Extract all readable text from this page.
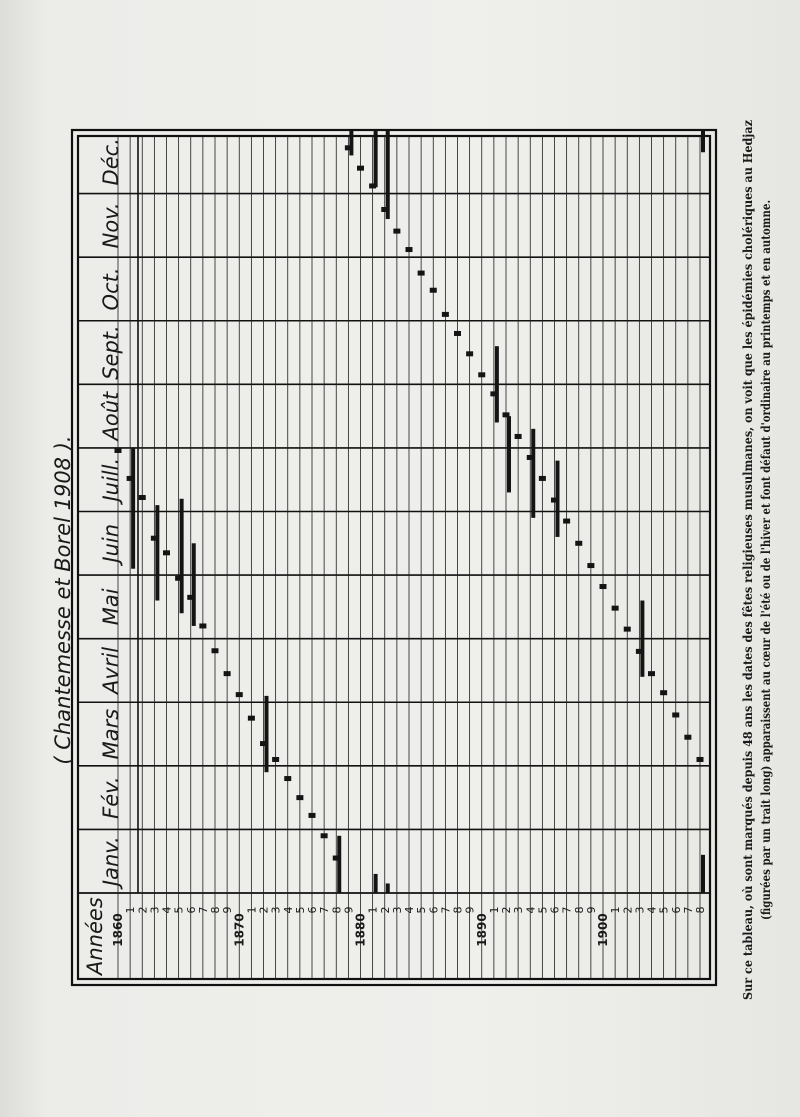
Janv.
Fév.
Mars
Avril
Mai
Juin
Juill.
Août
Sept.
Oct.
Nov.
Déc.
1860	1870	1880	1890	1900
1 2 3 4 5 6 7 8 9 1 2 3 4 5 6 7 8 9 1 2 3 4 5 6 7 8 9 1 2 3 4 5 6 7 8 9 1 2 3 4 5 6 7 8
( Chantemesse et Borel 1908 ).
Années	Sur ce tableau, où sont marqués depuis 48 ans les dates des fêtes religieuses musulmanes, on voit que les épidémies cholériques au Hedjaz (figurées par un trait long) apparaissent au cœur de l'été ou de l'hiver et font défaut d'ordinaire au printemps et en automne.
